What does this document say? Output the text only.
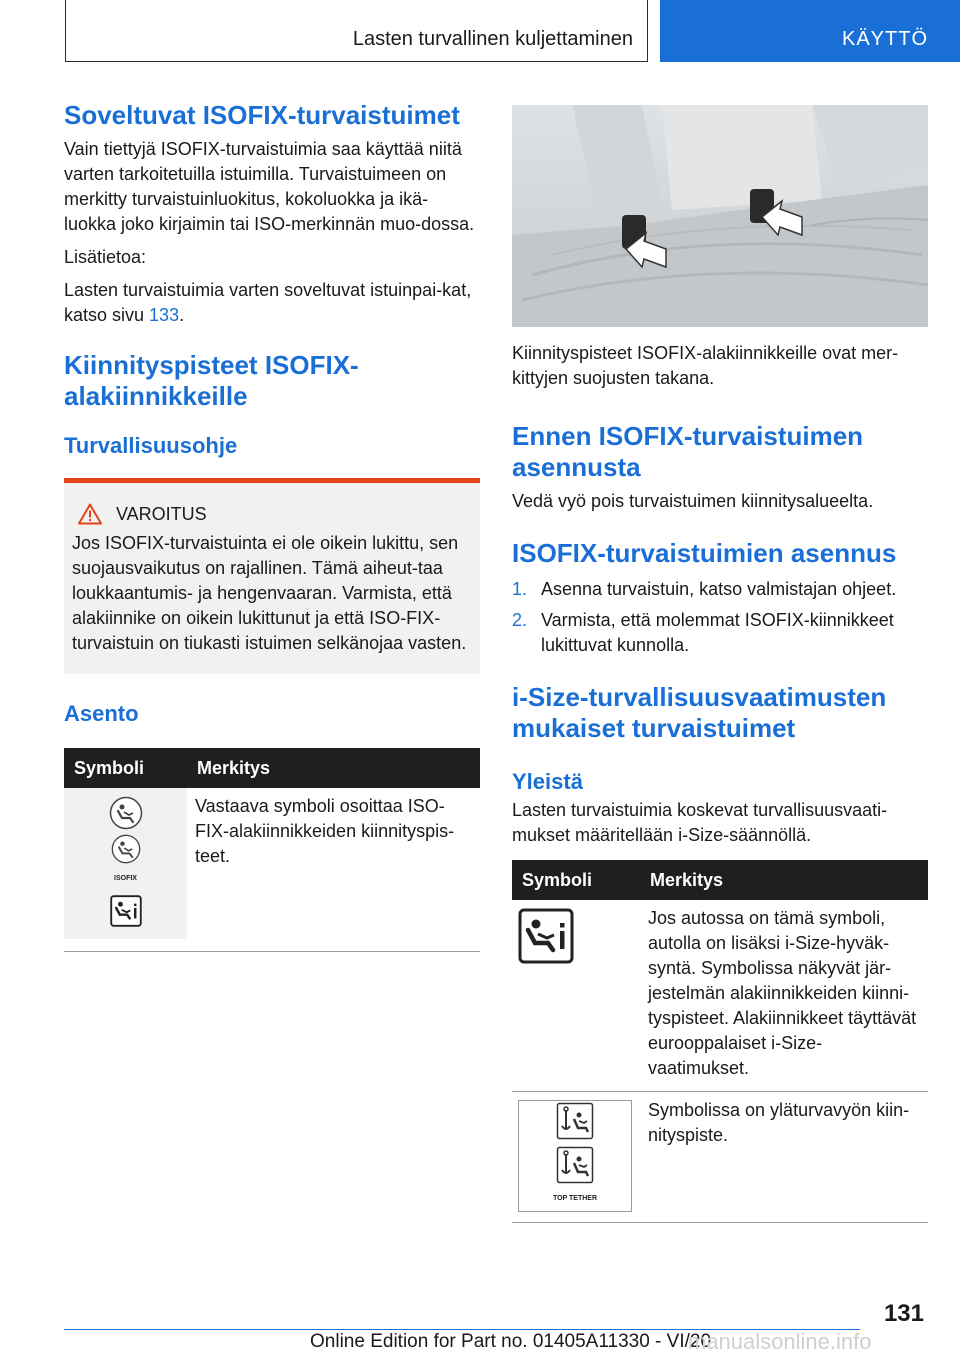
Lasten turvallinen kuljettaminen	KÄYTTÖ
Soveltuvat ISOFIX-turvaistuimet

Vain tiettyjä ISOFIX-turvaistuimia saa käyttää niitä varten tarkoitetuilla istuimilla. Turvaistuimeen on merkitty turvaistuinluokitus, kokoluokka ja ikä-luokka joko kirjaimin tai ISO-merkinnän muo-dossa.

Lisätietoa:

Lasten turvaistuimia varten soveltuvat istuinpai-kat, katso sivu 133.

Kiinnityspisteet ISOFIX-alakiinnikkeille
Turvallisuusohje
VAROITUS

Jos ISOFIX-turvaistuinta ei ole oikein lukittu, sen suojausvaikutus on rajallinen. Tämä aiheut-taa loukkaantumis- ja hengenvaaran. Varmista, että alakiinnike on oikein lukittunut ja että ISO-FIX-turvaistuin on tiukasti istuimen selkänojaa vasten.

Asento
Symboli	Merkitys

ISOFIX	Vastaava symboli osoittaa ISO-FIX-alakiinnikkeiden kiinnityspis-teet.

Kiinnityspisteet ISOFIX-alakiinnikkeille ovat mer-kittyjen suojusten takana.

Ennen ISOFIX-turvaistuimen asennusta

Vedä vyö pois turvaistuimen kiinnitysalueelta.

ISOFIX-turvaistuimien asennus
1. Asenna turvaistuin, katso valmistajan ohjeet.
2. Varmista, että molemmat ISOFIX-kiinnikkeet lukittuvat kunnolla.
i-Size-turvallisuusvaatimusten mukaiset turvaistuimet
Yleistä

Lasten turvaistuimia koskevat turvallisuusvaati-mukset määritellään i-Size-säännöllä.

Symboli	Merkitys
	Jos autossa on tämä symboli, autolla on lisäksi i-Size-hyväk-syntä. Symbolissa näkyvät jär-jestelmän alakiinnikkeiden kiinni-tyspisteet. Alakiinnikkeet täyttävät eurooppalaiset i-Size-vaatimukset.

TOP TETHER	Symbolissa on yläturvavyön kiin-nityspiste.
131
Online Edition for Part no. 01405A11330 - VI/20
manualsonline.info
